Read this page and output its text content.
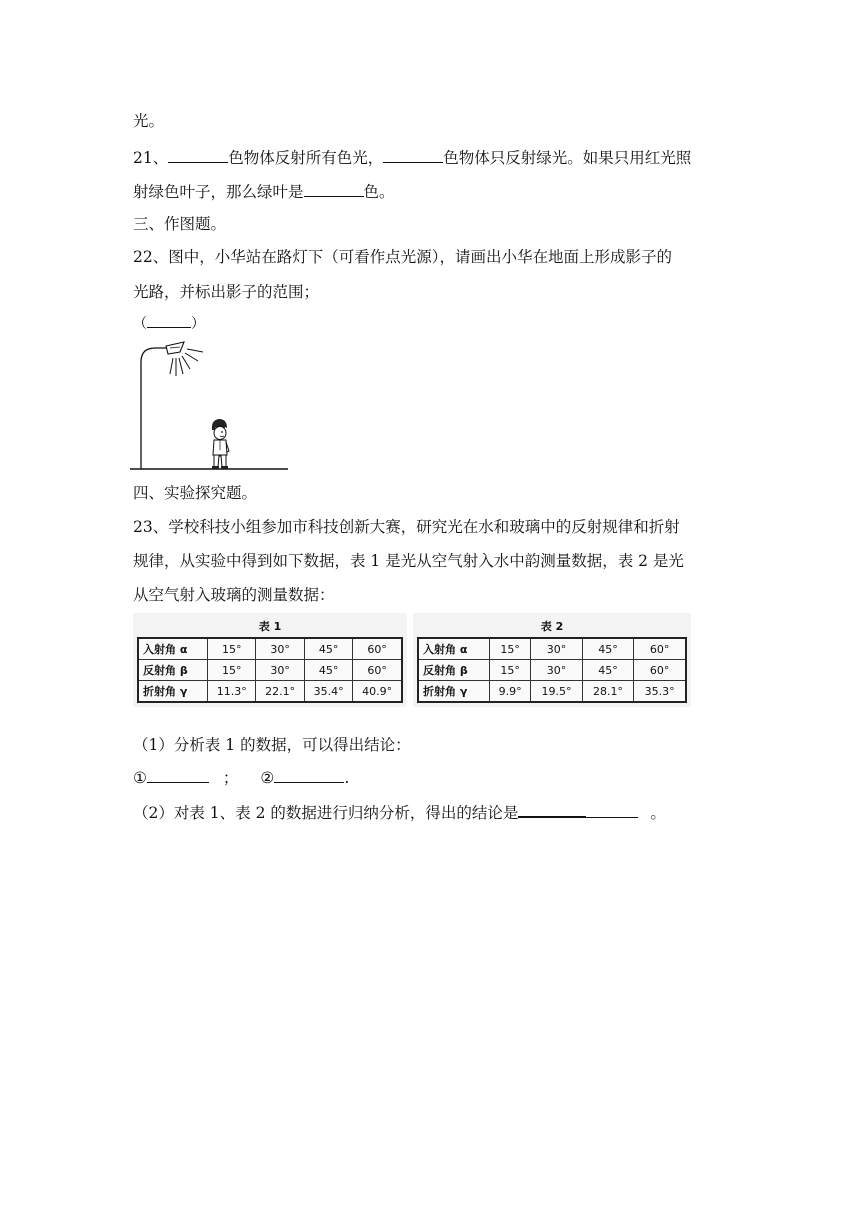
光。
21、	色物体反射所有色光，	色物体只反射绿光。如果只用红光照
射绿色叶子，那么绿叶是	色。
三、作图题。
22、图中，小华站在路灯下（可看作点光源），请画出小华在地面上形成影子的
光路，并标出影子的范围；
（	）
四、实验探究题。
23、学校科技小组参加市科技创新大赛，研究光在水和玻璃中的反射规律和折射
规律，从实验中得到如下数据，表 1 是光从空气射入水中韵测量数据，表 2 是光
从空气射入玻璃的测量数据：
表 1
入射角 α	15°	30°	45°	60°
反射角 β	15°	30°	45°	60°
折射角 γ	11.3°	22.1°	35.4°	40.9°
表 2
入射角 α	15°	30°	45°	60°
反射角 β	15°	30°	45°	60°
折射角 γ	9.9°	19.5°	28.1°	35.3°
（1）分析表 1 的数据，可以得出结论：
①	； ②	.
（2）对表 1、表 2 的数据进行归纳分析，得出的结论是	。
